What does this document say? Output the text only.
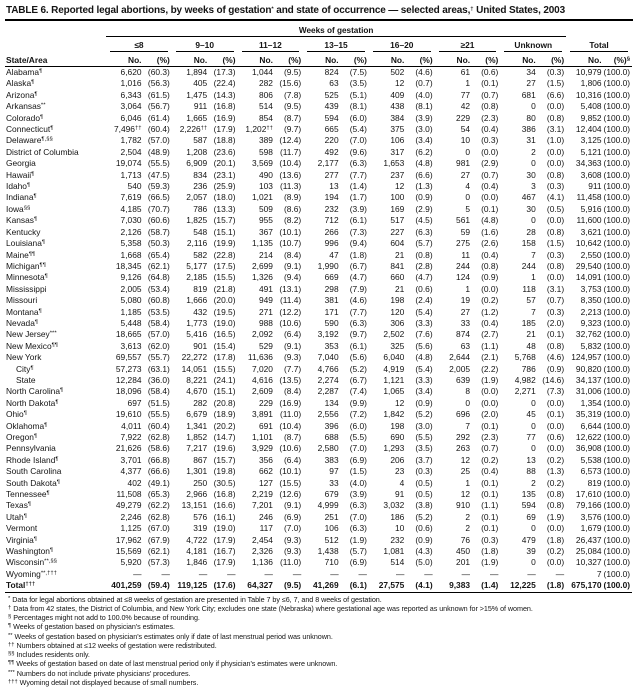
TABLE 6. Reported legal abortions, by weeks of gestation* and state of occurrence — selected areas,† United States, 2003
	Weeks of gestation															

	≤8		9–10		11–12		13–15		16–20		≥21		Unknown		Total	

State/Area	No.	(%)	No.	(%)	No.	(%)	No.	(%)	No.	(%)	No.	(%)	No.	(%)	No.	(%)§
Alabama¶	6,620	(60.3)	1,894	(17.3)	1,044	(9.5)	824	(7.5)	502	(4.6)	61	(0.6)	34	(0.3)	10,979	(100.0)
Alaska¶	1,016	(56.3)	405	(22.4)	282	(15.6)	63	(3.5)	12	(0.7)	1	(0.1)	27	(1.5)	1,806	(100.0)
Arizona¶	6,343	(61.5)	1,475	(14.3)	806	(7.8)	525	(5.1)	409	(4.0)	77	(0.7)	681	(6.6)	10,316	(100.0)
Arkansas**	3,064	(56.7)	911	(16.8)	514	(9.5)	439	(8.1)	438	(8.1)	42	(0.8)	0	(0.0)	5,408	(100.0)
Colorado¶	6,046	(61.4)	1,665	(16.9)	854	(8.7)	594	(6.0)	384	(3.9)	229	(2.3)	80	(0.8)	9,852	(100.0)
Connecticut¶	7,496††	(60.4)	2,226††	(17.9)	1,202††	(9.7)	665	(5.4)	375	(3.0)	54	(0.4)	386	(3.1)	12,404	(100.0)
Delaware¶,§§	1,782	(57.0)	587	(18.8)	389	(12.4)	220	(7.0)	106	(3.4)	10	(0.3)	31	(1.0)	3,125	(100.0)
District of Columbia	2,504	(48.9)	1,208	(23.6)	598	(11.7)	492	(9.6)	317	(6.2)	0	(0.0)	2	(0.0)	5,121	(100.0)
Georgia	19,074	(55.5)	6,909	(20.1)	3,569	(10.4)	2,177	(6.3)	1,653	(4.8)	981	(2.9)	0	(0.0)	34,363	(100.0)
Hawaii¶	1,713	(47.5)	834	(23.1)	490	(13.6)	277	(7.7)	237	(6.6)	27	(0.7)	30	(0.8)	3,608	(100.0)
Idaho¶	540	(59.3)	236	(25.9)	103	(11.3)	13	(1.4)	12	(1.3)	4	(0.4)	3	(0.3)	911	(100.0)
Indiana¶	7,619	(66.5)	2,057	(18.0)	1,021	(8.9)	194	(1.7)	100	(0.9)	0	(0.0)	467	(4.1)	11,458	(100.0)
Iowa§§	4,185	(70.7)	786	(13.3)	509	(8.6)	232	(3.9)	169	(2.9)	5	(0.1)	30	(0.5)	5,916	(100.0)
Kansas¶	7,030	(60.6)	1,825	(15.7)	955	(8.2)	712	(6.1)	517	(4.5)	561	(4.8)	0	(0.0)	11,600	(100.0)
Kentucky	2,126	(58.7)	548	(15.1)	367	(10.1)	266	(7.3)	227	(6.3)	59	(1.6)	28	(0.8)	3,621	(100.0)
Louisiana¶	5,358	(50.3)	2,116	(19.9)	1,135	(10.7)	996	(9.4)	604	(5.7)	275	(2.6)	158	(1.5)	10,642	(100.0)
Maine¶¶	1,668	(65.4)	582	(22.8)	214	(8.4)	47	(1.8)	21	(0.8)	11	(0.4)	7	(0.3)	2,550	(100.0)
Michigan¶¶	18,345	(62.1)	5,177	(17.5)	2,699	(9.1)	1,990	(6.7)	841	(2.8)	244	(0.8)	244	(0.8)	29,540	(100.0)
Minnesota¶	9,126	(64.8)	2,185	(15.5)	1,326	(9.4)	669	(4.7)	660	(4.7)	124	(0.9)	1	(0.0)	14,091	(100.0)
Mississippi	2,005	(53.4)	819	(21.8)	491	(13.1)	298	(7.9)	21	(0.6)	1	(0.0)	118	(3.1)	3,753	(100.0)
Missouri	5,080	(60.8)	1,666	(20.0)	949	(11.4)	381	(4.6)	198	(2.4)	19	(0.2)	57	(0.7)	8,350	(100.0)
Montana¶	1,185	(53.5)	432	(19.5)	271	(12.2)	171	(7.7)	120	(5.4)	27	(1.2)	7	(0.3)	2,213	(100.0)
Nevada¶	5,448	(58.4)	1,773	(19.0)	988	(10.6)	590	(6.3)	306	(3.3)	33	(0.4)	185	(2.0)	9,323	(100.0)
New Jersey***	18,665	(57.0)	5,416	(16.5)	2,092	(6.4)	3,192	(9.7)	2,502	(7.6)	874	(2.7)	21	(0.1)	32,762	(100.0)
New Mexico¶¶	3,613	(62.0)	901	(15.4)	529	(9.1)	353	(6.1)	325	(5.6)	63	(1.1)	48	(0.8)	5,832	(100.0)
New York	69,557	(55.7)	22,272	(17.8)	11,636	(9.3)	7,040	(5.6)	6,040	(4.8)	2,644	(2.1)	5,768	(4.6)	124,957	(100.0)
City¶	57,273	(63.1)	14,051	(15.5)	7,020	(7.7)	4,766	(5.2)	4,919	(5.4)	2,005	(2.2)	786	(0.9)	90,820	(100.0)
State	12,284	(36.0)	8,221	(24.1)	4,616	(13.5)	2,274	(6.7)	1,121	(3.3)	639	(1.9)	4,982	(14.6)	34,137	(100.0)
North Carolina¶	18,096	(58.4)	4,670	(15.1)	2,609	(8.4)	2,287	(7.4)	1,065	(3.4)	8	(0.0)	2,271	(7.3)	31,006	(100.0)
North Dakota¶	697	(51.5)	282	(20.8)	229	(16.9)	134	(9.9)	12	(0.9)	0	(0.0)	0	(0.0)	1,354	(100.0)
Ohio¶	19,610	(55.5)	6,679	(18.9)	3,891	(11.0)	2,556	(7.2)	1,842	(5.2)	696	(2.0)	45	(0.1)	35,319	(100.0)
Oklahoma¶	4,011	(60.4)	1,341	(20.2)	691	(10.4)	396	(6.0)	198	(3.0)	7	(0.1)	0	(0.0)	6,644	(100.0)
Oregon¶	7,922	(62.8)	1,852	(14.7)	1,101	(8.7)	688	(5.5)	690	(5.5)	292	(2.3)	77	(0.6)	12,622	(100.0)
Pennsylvania	21,626	(58.6)	7,217	(19.6)	3,929	(10.6)	2,580	(7.0)	1,293	(3.5)	263	(0.7)	0	(0.0)	36,908	(100.0)
Rhode Island¶	3,701	(66.8)	867	(15.7)	356	(6.4)	383	(6.9)	206	(3.7)	12	(0.2)	13	(0.2)	5,538	(100.0)
South Carolina	4,377	(66.6)	1,301	(19.8)	662	(10.1)	97	(1.5)	23	(0.3)	25	(0.4)	88	(1.3)	6,573	(100.0)
South Dakota¶	402	(49.1)	250	(30.5)	127	(15.5)	33	(4.0)	4	(0.5)	1	(0.1)	2	(0.2)	819	(100.0)
Tennessee¶	11,508	(65.3)	2,966	(16.8)	2,219	(12.6)	679	(3.9)	91	(0.5)	12	(0.1)	135	(0.8)	17,610	(100.0)
Texas¶	49,279	(62.2)	13,151	(16.6)	7,201	(9.1)	4,999	(6.3)	3,032	(3.8)	910	(1.1)	594	(0.8)	79,166	(100.0)
Utah¶	2,246	(62.8)	576	(16.1)	246	(6.9)	251	(7.0)	186	(5.2)	2	(0.1)	69	(1.9)	3,576	(100.0)
Vermont	1,125	(67.0)	319	(19.0)	117	(7.0)	106	(6.3)	10	(0.6)	2	(0.1)	0	(0.0)	1,679	(100.0)
Virginia¶	17,962	(67.9)	4,722	(17.9)	2,454	(9.3)	512	(1.9)	232	(0.9)	76	(0.3)	479	(1.8)	26,437	(100.0)
Washington¶	15,569	(62.1)	4,181	(16.7)	2,326	(9.3)	1,438	(5.7)	1,081	(4.3)	450	(1.8)	39	(0.2)	25,084	(100.0)
Wisconsin**,§§	5,920	(57.3)	1,846	(17.9)	1,136	(11.0)	710	(6.9)	514	(5.0)	201	(1.9)	0	(0.0)	10,327	(100.0)
Wyoming**,†††	—	—	—	—	—	—	—	—	—	—	—	—	—	—	7	(100.0)
Total†††	401,259	(59.4)	119,125	(17.6)	64,327	(9.5)	41,269	(6.1)	27,575	(4.1)	9,383	(1.4)	12,225	(1.8)	675,170	(100.0)
* Data for legal abortions obtained at ≤8 weeks of gestation are presented in Table 7 by ≤6, 7, and 8 weeks of gestation.
† Data from 42 states, the District of Columbia, and New York City; excludes one state (Nebraska) where gestational age was reported as unknown for >15% of women.
§ Percentages might not add to 100.0% because of rounding.
¶ Weeks of gestation based on physician's estimates.
** Weeks of gestation based on physician's estimates only if date of last menstrual period was unknown.
†† Numbers obtained at ≤12 weeks of gestation were redistributed.
§§ Includes residents only.
¶¶ Weeks of gestation based on date of last menstrual period only if physician's estimates were unknown.
*** Numbers do not include private physicians' procedures.
††† Wyoming detail not displayed because of small numbers.
